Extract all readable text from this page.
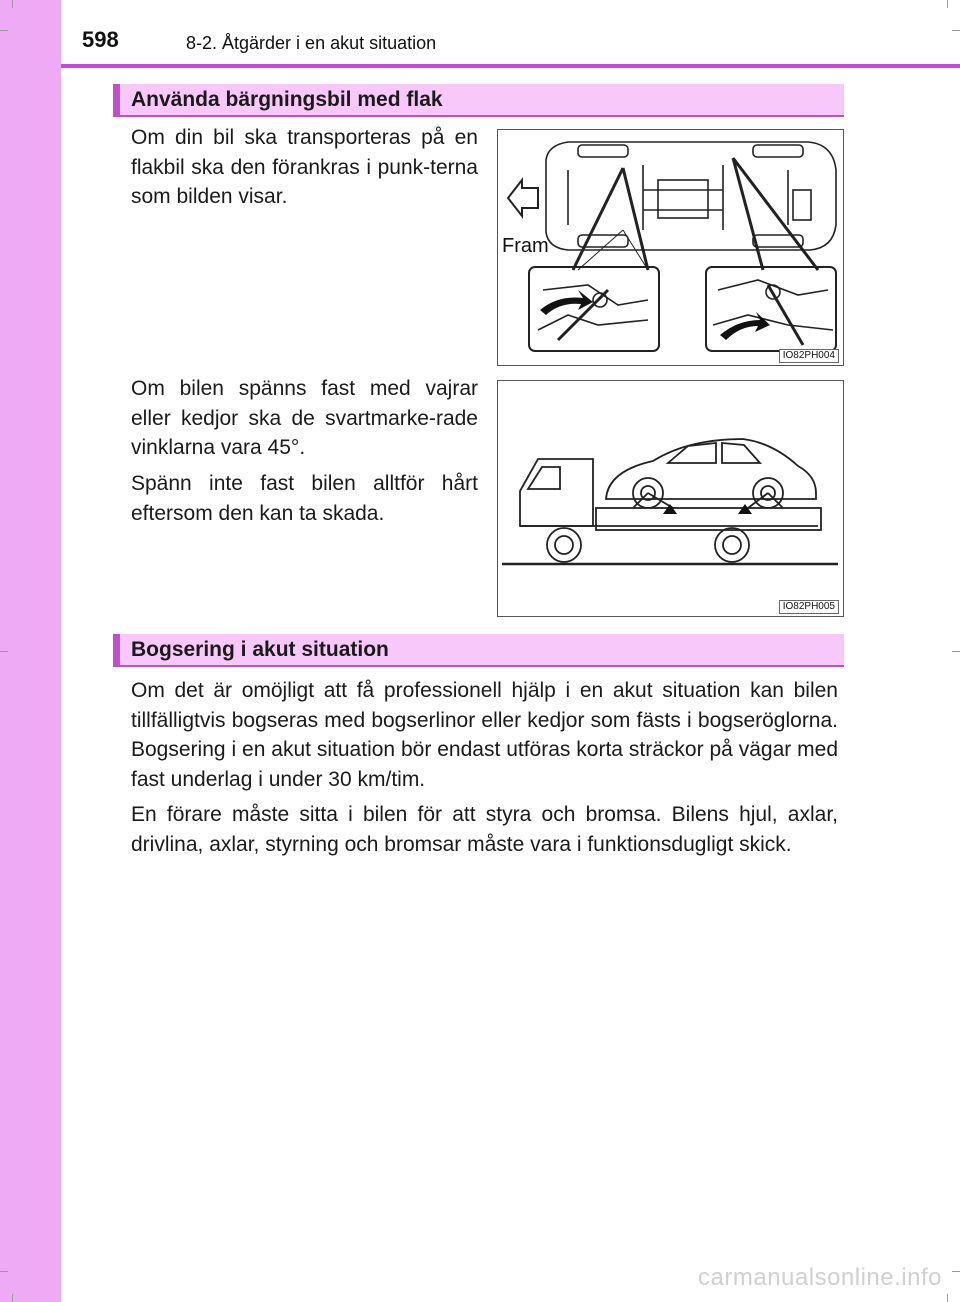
598	8-2. Åtgärder i en akut situation
Använda bärgningsbil med flak

Om din bil ska transporteras på en flakbil ska den förankras i punk-terna som bilden visar.

Om bilen spänns fast med vajrar eller kedjor ska de svartmarke-rade vinklarna vara 45°.

Spänn inte fast bilen alltför hårt eftersom den kan ta skada.

Fram
IO82PH004
IO82PH005
Bogsering i akut situation

Om det är omöjligt att få professionell hjälp i en akut situation kan bilen tillfälligtvis bogseras med bogserlinor eller kedjor som fästs i bogseröglorna. Bogsering i en akut situation bör endast utföras korta sträckor på vägar med fast underlag i under 30 km/tim.

En förare måste sitta i bilen för att styra och bromsa. Bilens hjul, axlar, drivlina, axlar, styrning och bromsar måste vara i funktionsdugligt skick.

carmanualsonline.info
